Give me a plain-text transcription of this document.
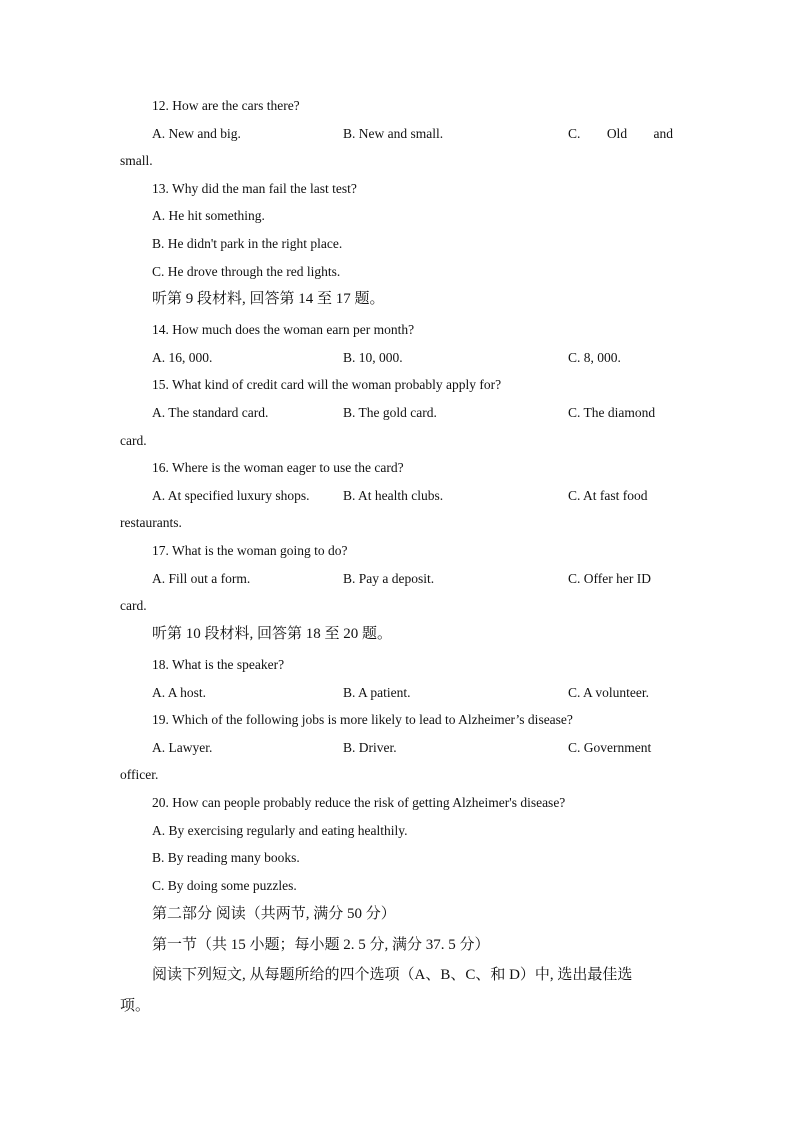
12. How are the cars there?
A. New and big.	B. New and small.	C. Old and
small.
13. Why did the man fail the last test?
A. He hit something.
B. He didn't park in the right place.
C. He drove through the red lights.
听第 9 段材料, 回答第 14 至 17 题。
14. How much does the woman earn per month?
A. 16, 000.	B. 10, 000.	C. 8, 000.
15. What kind of credit card will the woman probably apply for?
A. The standard card.	B. The gold card.	C. The diamond
card.
16. Where is the woman eager to use the card?
A. At specified luxury shops. B. At health clubs.	C. At fast food
restaurants.
17. What is the woman going to do?
A. Fill out a form.	B. Pay a deposit.	C. Offer her ID
card.
听第 10 段材料, 回答第 18 至 20 题。
18. What is the speaker?
A. A host.	B. A patient.	C. A volunteer.
19. Which of the following jobs is more likely to lead to Alzheimer’s disease?
A. Lawyer.	B. Driver.	C. Government
officer.
20. How can people probably reduce the risk of getting Alzheimer's disease?
A. By exercising regularly and eating healthily.
B. By reading many books.
C. By doing some puzzles.
第二部分 阅读（共两节, 满分 50 分）
第一节（共 15 小题；每小题 2. 5 分, 满分 37. 5 分）
阅读下列短文, 从每题所给的四个选项（A、B、C、和 D）中, 选出最佳选
项。
